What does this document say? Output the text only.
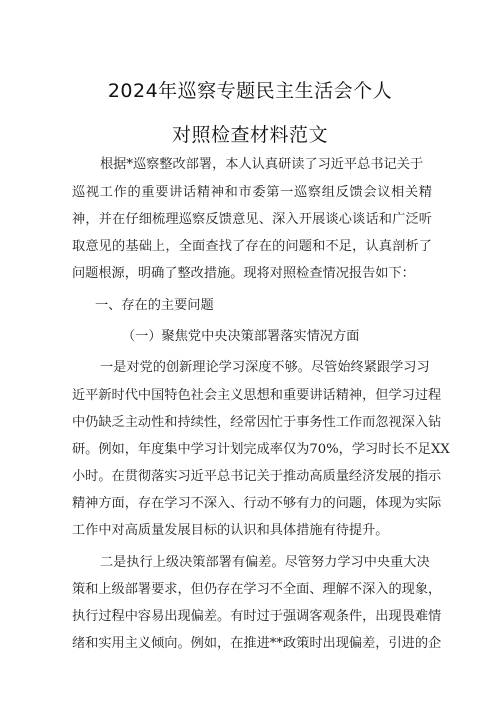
2024年巡察专题民主生活会个人
对照检查材料范文
根据*巡察整改部署，本人认真研读了习近平总书记关于
巡视工作的重要讲话精神和市委第一巡察组反馈会议相关精
神，并在仔细梳理巡察反馈意见、深入开展谈心谈话和广泛听
取意见的基础上，全面查找了存在的问题和不足，认真剖析了
问题根源，明确了整改措施。现将对照检查情况报告如下：
一、存在的主要问题
（一）聚焦党中央决策部署落实情况方面
一是对党的创新理论学习深度不够。尽管始终紧跟学习习
近平新时代中国特色社会主义思想和重要讲话精神，但学习过程
中仍缺乏主动性和持续性，经常因忙于事务性工作而忽视深入钻
研。例如，年度集中学习计划完成率仅为70%，学习时长不足XX
小时。在贯彻落实习近平总书记关于推动高质量经济发展的指示
精神方面，存在学习不深入、行动不够有力的问题，体现为实际
工作中对高质量发展目标的认识和具体措施有待提升。
二是执行上级决策部署有偏差。尽管努力学习中央重大决
策和上级部署要求，但仍存在学习不全面、理解不深入的现象，
执行过程中容易出现偏差。有时过于强调客观条件，出现畏难情
绪和实用主义倾向。例如，在推进**政策时出现偏差，引进的企
